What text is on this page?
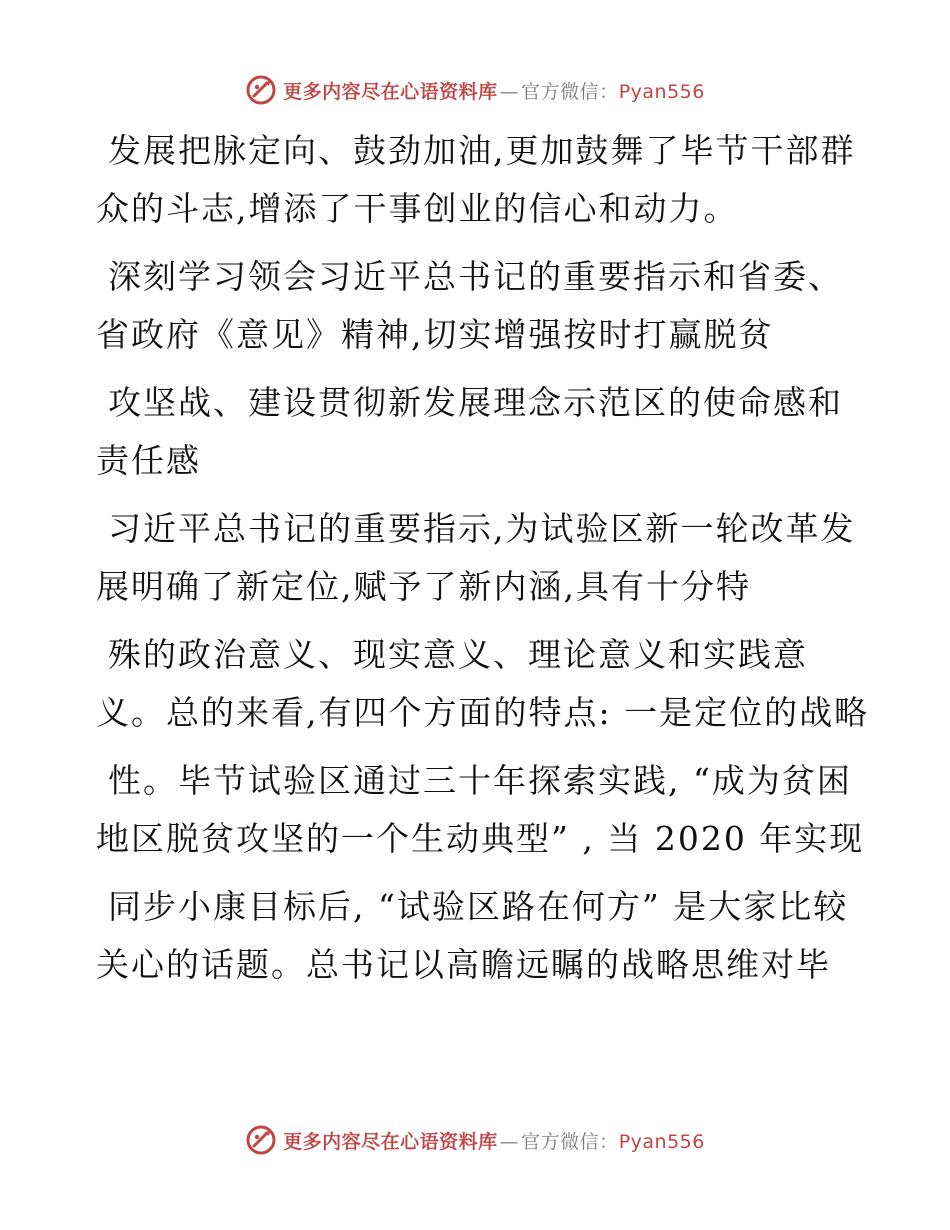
更多内容尽在心语资料库 — 官方微信：Pyan556
发展把脉定向、鼓劲加油,更加鼓舞了毕节干部群
众的斗志,增添了干事创业的信心和动力。
深刻学习领会习近平总书记的重要指示和省委、
省政府《意见》精神,切实增强按时打赢脱贫
攻坚战、建设贯彻新发展理念示范区的使命感和
责任感
习近平总书记的重要指示,为试验区新一轮改革发
展明确了新定位,赋予了新内涵,具有十分特
殊的政治意义、现实意义、理论意义和实践意
义。总的来看,有四个方面的特点: 一是定位的战略
性。毕节试验区通过三十年探索实践, “成为贫困
地区脱贫攻坚的一个生动典型” , 当 2020 年实现
同步小康目标后, “试验区路在何方” 是大家比较
关心的话题。总书记以高瞻远瞩的战略思维对毕
更多内容尽在心语资料库 — 官方微信：Pyan556
